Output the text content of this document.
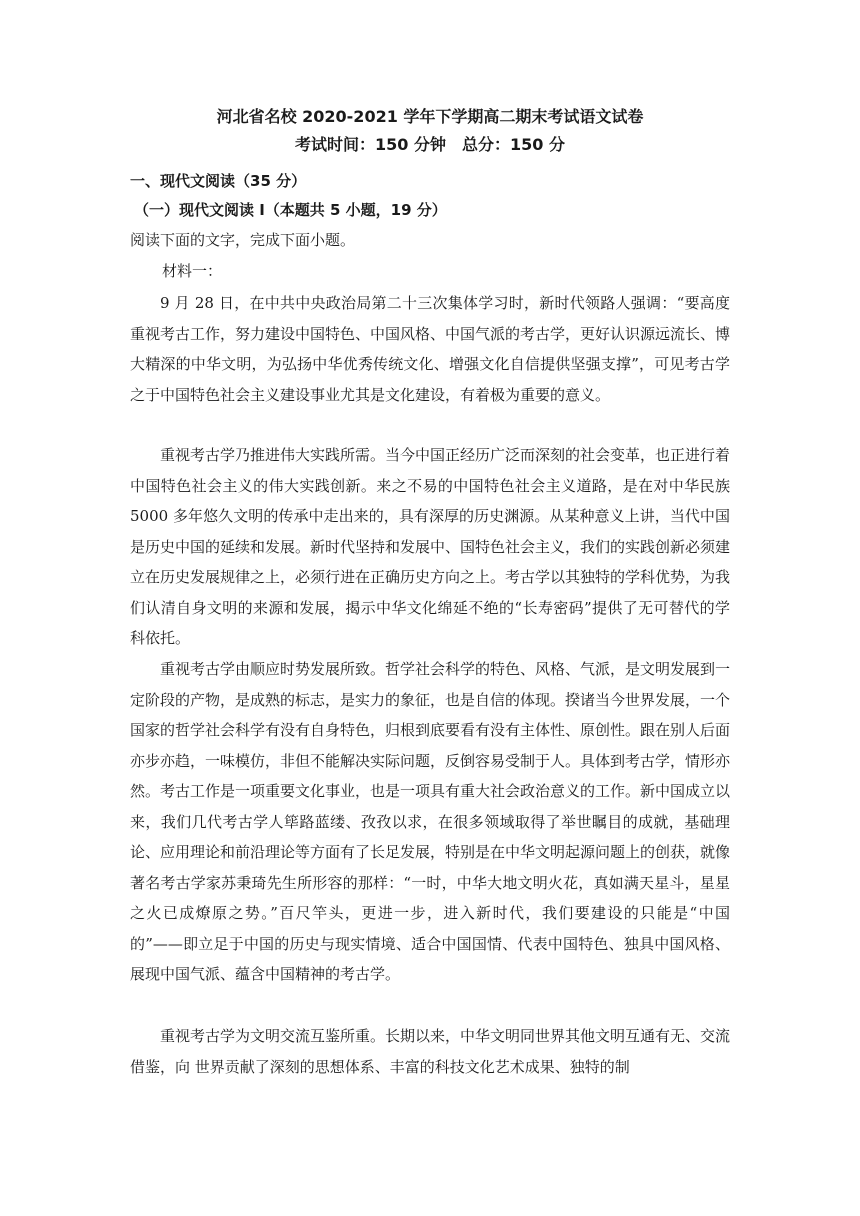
河北省名校 2020-2021 学年下学期高二期末考试语文试卷
考试时间：150 分钟　总分：150 分
一、现代文阅读（35 分）
（一）现代文阅读 I（本题共 5 小题，19 分）
阅读下面的文字，完成下面小题。
材料一：

9 月 28 日，在中共中央政治局第二十三次集体学习时，新时代领路人强调：“要高度重视考古工作，努力建设中国特色、中国风格、中国气派的考古学，更好认识源远流长、博大精深的中华文明，为弘扬中华优秀传统文化、增强文化自信提供坚强支撑”，可见考古学之于中国特色社会主义建设事业尤其是文化建设，有着极为重要的意义。

重视考古学乃推进伟大实践所需。当今中国正经历广泛而深刻的社会变革，也正进行着中国特色社会主义的伟大实践创新。来之不易的中国特色社会主义道路，是在对中华民族 5000 多年悠久文明的传承中走出来的，具有深厚的历史渊源。从某种意义上讲，当代中国是历史中国的延续和发展。新时代坚持和发展中、国特色社会主义，我们的实践创新必须建立在历史发展规律之上，必须行进在正确历史方向之上。考古学以其独特的学科优势，为我们认清自身文明的来源和发展，揭示中华文化绵延不绝的“长寿密码”提供了无可替代的学科依托。

重视考古学由顺应时势发展所致。哲学社会科学的特色、风格、气派，是文明发展到一定阶段的产物，是成熟的标志，是实力的象征，也是自信的体现。揆诸当今世界发展，一个国家的哲学社会科学有没有自身特色，归根到底要看有没有主体性、原创性。跟在别人后面亦步亦趋，一味模仿，非但不能解决实际问题，反倒容易受制于人。具体到考古学，情形亦然。考古工作是一项重要文化事业，也是一项具有重大社会政治意义的工作。新中国成立以来，我们几代考古学人筚路蓝缕、孜孜以求，在很多领域取得了举世瞩目的成就，基础理论、应用理论和前沿理论等方面有了长足发展，特别是在中华文明起源问题上的创获，就像著名考古学家苏秉琦先生所形容的那样：“一时，中华大地文明火花，真如满天星斗，星星之火已成燎原之势。”百尺竿头，更进一步，进入新时代，我们要建设的只能是“中国的”——即立足于中国的历史与现实情境、适合中国国情、代表中国特色、独具中国风格、展现中国气派、蕴含中国精神的考古学。

重视考古学为文明交流互鉴所重。长期以来，中华文明同世界其他文明互通有无、交流借鉴，向 世界贡献了深刻的思想体系、丰富的科技文化艺术成果、独特的制
